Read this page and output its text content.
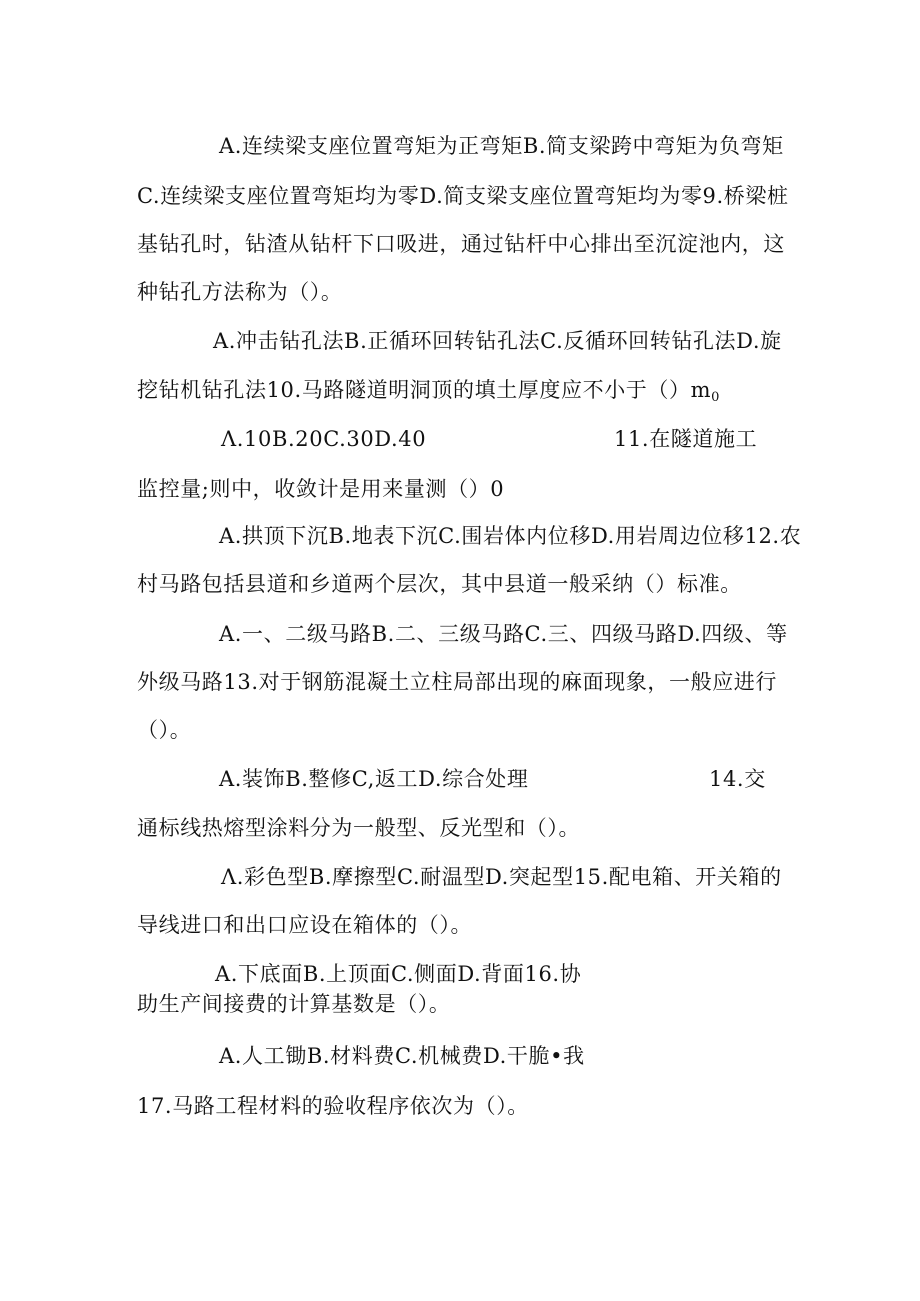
A.连续梁支座位置弯矩为正弯矩B.简支梁跨中弯矩为负弯矩
C.连续梁支座位置弯矩均为零D.简支梁支座位置弯矩均为零9.桥梁桩
基钻孔时，钻渣从钻杆下口吸进，通过钻杆中心排出至沉淀池内，这
种钻孔方法称为（）。
A.冲击钻孔法B.正循环回转钻孔法C.反循环回转钻孔法D.旋
挖钻机钻孔法10.马路隧道明洞顶的填土厚度应不小于$()m_0$
Λ.10B.20C.30D.40	11.在隧道施工
监控量;则中，收敛计是用来量测（）0
A.拱顶下沉B.地表下沉C.围岩体内位移D.用岩周边位移12.农
村马路包括县道和乡道两个层次，其中县道一般采纳（）标准。
A.一、二级马路B.二、三级马路C.三、四级马路D.四级、等
外级马路13.对于钢筋混凝土立柱局部出现的麻面现象，一般应进行
（）。
A.装饰B.整修C,返工D.综合处理	14.交
通标线热熔型涂料分为一般型、反光型和（）。
Λ.彩色型B.摩擦型C.耐温型D.突起型15.配电箱、开关箱的
导线进口和出口应设在箱体的（）。
A.下底面B.上顶面C.侧面D.背面16.协
助生产间接费的计算基数是（）。
A.人工锄B.材料费C.机械费D.干脆•我
17.马路工程材料的验收程序依次为（）。
